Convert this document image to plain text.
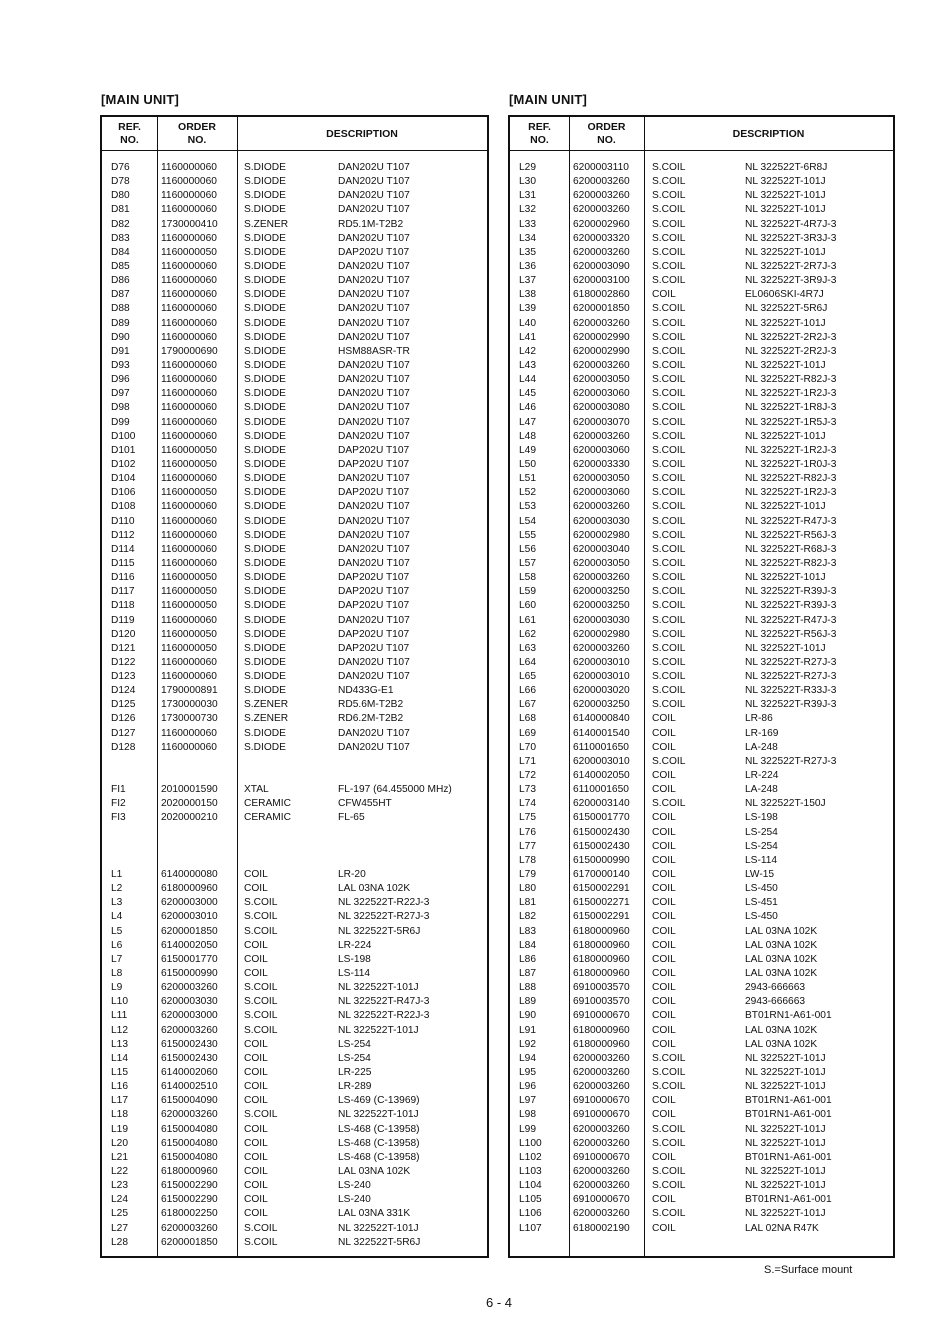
[MAIN UNIT]	[MAIN UNIT]
REF.
NO.
ORDER
NO.
DESCRIPTION
D76	1160000060	S.DIODE	DAN202U T107
D78	1160000060	S.DIODE	DAN202U T107
D80	1160000060	S.DIODE	DAN202U T107
D81	1160000060	S.DIODE	DAN202U T107
D82	1730000410	S.ZENER	RD5.1M-T2B2
D83	1160000060	S.DIODE	DAN202U T107
D84	1160000050	S.DIODE	DAP202U T107
D85	1160000060	S.DIODE	DAN202U T107
D86	1160000060	S.DIODE	DAN202U T107
D87	1160000060	S.DIODE	DAN202U T107
D88	1160000060	S.DIODE	DAN202U T107
D89	1160000060	S.DIODE	DAN202U T107
D90	1160000060	S.DIODE	DAN202U T107
D91	1790000690	S.DIODE	HSM88ASR-TR
D93	1160000060	S.DIODE	DAN202U T107
D96	1160000060	S.DIODE	DAN202U T107
D97	1160000060	S.DIODE	DAN202U T107
D98	1160000060	S.DIODE	DAN202U T107
D99	1160000060	S.DIODE	DAN202U T107
D100	1160000060	S.DIODE	DAN202U T107
D101	1160000050	S.DIODE	DAP202U T107
D102	1160000050	S.DIODE	DAP202U T107
D104	1160000060	S.DIODE	DAN202U T107
D106	1160000050	S.DIODE	DAP202U T107
D108	1160000060	S.DIODE	DAN202U T107
D110	1160000060	S.DIODE	DAN202U T107
D112	1160000060	S.DIODE	DAN202U T107
D114	1160000060	S.DIODE	DAN202U T107
D115	1160000060	S.DIODE	DAN202U T107
D116	1160000050	S.DIODE	DAP202U T107
D117	1160000050	S.DIODE	DAP202U T107
D118	1160000050	S.DIODE	DAP202U T107
D119	1160000060	S.DIODE	DAN202U T107
D120	1160000050	S.DIODE	DAP202U T107
D121	1160000050	S.DIODE	DAP202U T107
D122	1160000060	S.DIODE	DAN202U T107
D123	1160000060	S.DIODE	DAN202U T107
D124	1790000891	S.DIODE	ND433G-E1
D125	1730000030	S.ZENER	RD5.6M-T2B2
D126	1730000730	S.ZENER	RD6.2M-T2B2
D127	1160000060	S.DIODE	DAN202U T107
D128	1160000060	S.DIODE	DAN202U T107
FI1	2010001590	XTAL	FL-197 (64.455000 MHz)
FI2	2020000150	CERAMIC	CFW455HT
FI3	2020000210	CERAMIC	FL-65
L1	6140000080	COIL	LR-20
L2	6180000960	COIL	LAL 03NA 102K
L3	6200003000	S.COIL	NL 322522T-R22J-3
L4	6200003010	S.COIL	NL 322522T-R27J-3
L5	6200001850	S.COIL	NL 322522T-5R6J
L6	6140002050	COIL	LR-224
L7	6150001770	COIL	LS-198
L8	6150000990	COIL	LS-114
L9	6200003260	S.COIL	NL 322522T-101J
L10	6200003030	S.COIL	NL 322522T-R47J-3
L11	6200003000	S.COIL	NL 322522T-R22J-3
L12	6200003260	S.COIL	NL 322522T-101J
L13	6150002430	COIL	LS-254
L14	6150002430	COIL	LS-254
L15	6140002060	COIL	LR-225
L16	6140002510	COIL	LR-289
L17	6150004090	COIL	LS-469 (C-13969)
L18	6200003260	S.COIL	NL 322522T-101J
L19	6150004080	COIL	LS-468 (C-13958)
L20	6150004080	COIL	LS-468 (C-13958)
L21	6150004080	COIL	LS-468 (C-13958)
L22	6180000960	COIL	LAL 03NA 102K
L23	6150002290	COIL	LS-240
L24	6150002290	COIL	LS-240
L25	6180002250	COIL	LAL 03NA 331K
L27	6200003260	S.COIL	NL 322522T-101J
L28	6200001850	S.COIL	NL 322522T-5R6J
REF.
NO.
ORDER
NO.
DESCRIPTION
L29	6200003110 S.COIL	NL 322522T-6R8J
L30	6200003260 S.COIL	NL 322522T-101J
L31	6200003260 S.COIL	NL 322522T-101J
L32	6200003260 S.COIL	NL 322522T-101J
L33	6200002960 S.COIL	NL 322522T-4R7J-3
L34	6200003320 S.COIL	NL 322522T-3R3J-3
L35	6200003260 S.COIL	NL 322522T-101J
L36	6200003090 S.COIL	NL 322522T-2R7J-3
L37	6200003100 S.COIL	NL 322522T-3R9J-3
L38	6180002860 COIL	EL0606SKI-4R7J
L39	6200001850 S.COIL	NL 322522T-5R6J
L40	6200003260 S.COIL	NL 322522T-101J
L41	6200002990 S.COIL	NL 322522T-2R2J-3
L42	6200002990 S.COIL	NL 322522T-2R2J-3
L43	6200003260 S.COIL	NL 322522T-101J
L44	6200003050 S.COIL	NL 322522T-R82J-3
L45	6200003060 S.COIL	NL 322522T-1R2J-3
L46	6200003080 S.COIL	NL 322522T-1R8J-3
L47	6200003070 S.COIL	NL 322522T-1R5J-3
L48	6200003260 S.COIL	NL 322522T-101J
L49	6200003060 S.COIL	NL 322522T-1R2J-3
L50	6200003330 S.COIL	NL 322522T-1R0J-3
L51	6200003050 S.COIL	NL 322522T-R82J-3
L52	6200003060 S.COIL	NL 322522T-1R2J-3
L53	6200003260 S.COIL	NL 322522T-101J
L54	6200003030 S.COIL	NL 322522T-R47J-3
L55	6200002980 S.COIL	NL 322522T-R56J-3
L56	6200003040 S.COIL	NL 322522T-R68J-3
L57	6200003050 S.COIL	NL 322522T-R82J-3
L58	6200003260 S.COIL	NL 322522T-101J
L59	6200003250 S.COIL	NL 322522T-R39J-3
L60	6200003250 S.COIL	NL 322522T-R39J-3
L61	6200003030 S.COIL	NL 322522T-R47J-3
L62	6200002980 S.COIL	NL 322522T-R56J-3
L63	6200003260 S.COIL	NL 322522T-101J
L64	6200003010 S.COIL	NL 322522T-R27J-3
L65	6200003010 S.COIL	NL 322522T-R27J-3
L66	6200003020 S.COIL	NL 322522T-R33J-3
L67	6200003250 S.COIL	NL 322522T-R39J-3
L68	6140000840 COIL	LR-86
L69	6140001540 COIL	LR-169
L70	6110001650 COIL	LA-248
L71	6200003010 S.COIL	NL 322522T-R27J-3
L72	6140002050 COIL	LR-224
L73	6110001650 COIL	LA-248
L74	6200003140 S.COIL	NL 322522T-150J
L75	6150001770 COIL	LS-198
L76	6150002430 COIL	LS-254
L77	6150002430 COIL	LS-254
L78	6150000990 COIL	LS-114
L79	6170000140 COIL	LW-15
L80	6150002291 COIL	LS-450
L81	6150002271 COIL	LS-451
L82	6150002291 COIL	LS-450
L83	6180000960 COIL	LAL 03NA 102K
L84	6180000960 COIL	LAL 03NA 102K
L86	6180000960 COIL	LAL 03NA 102K
L87	6180000960 COIL	LAL 03NA 102K
L88	6910003570 COIL	2943-666663
L89	6910003570 COIL	2943-666663
L90	6910000670 COIL	BT01RN1-A61-001
L91	6180000960 COIL	LAL 03NA 102K
L92	6180000960 COIL	LAL 03NA 102K
L94	6200003260 S.COIL	NL 322522T-101J
L95	6200003260 S.COIL	NL 322522T-101J
L96	6200003260 S.COIL	NL 322522T-101J
L97	6910000670 COIL	BT01RN1-A61-001
L98	6910000670 COIL	BT01RN1-A61-001
L99	6200003260 S.COIL	NL 322522T-101J
L100	6200003260 S.COIL	NL 322522T-101J
L102	6910000670 COIL	BT01RN1-A61-001
L103	6200003260 S.COIL	NL 322522T-101J
L104	6200003260 S.COIL	NL 322522T-101J
L105	6910000670 COIL	BT01RN1-A61-001
L106	6200003260 S.COIL	NL 322522T-101J
L107	6180002190 COIL	LAL 02NA R47K
S.=Surface mount
6 - 4
